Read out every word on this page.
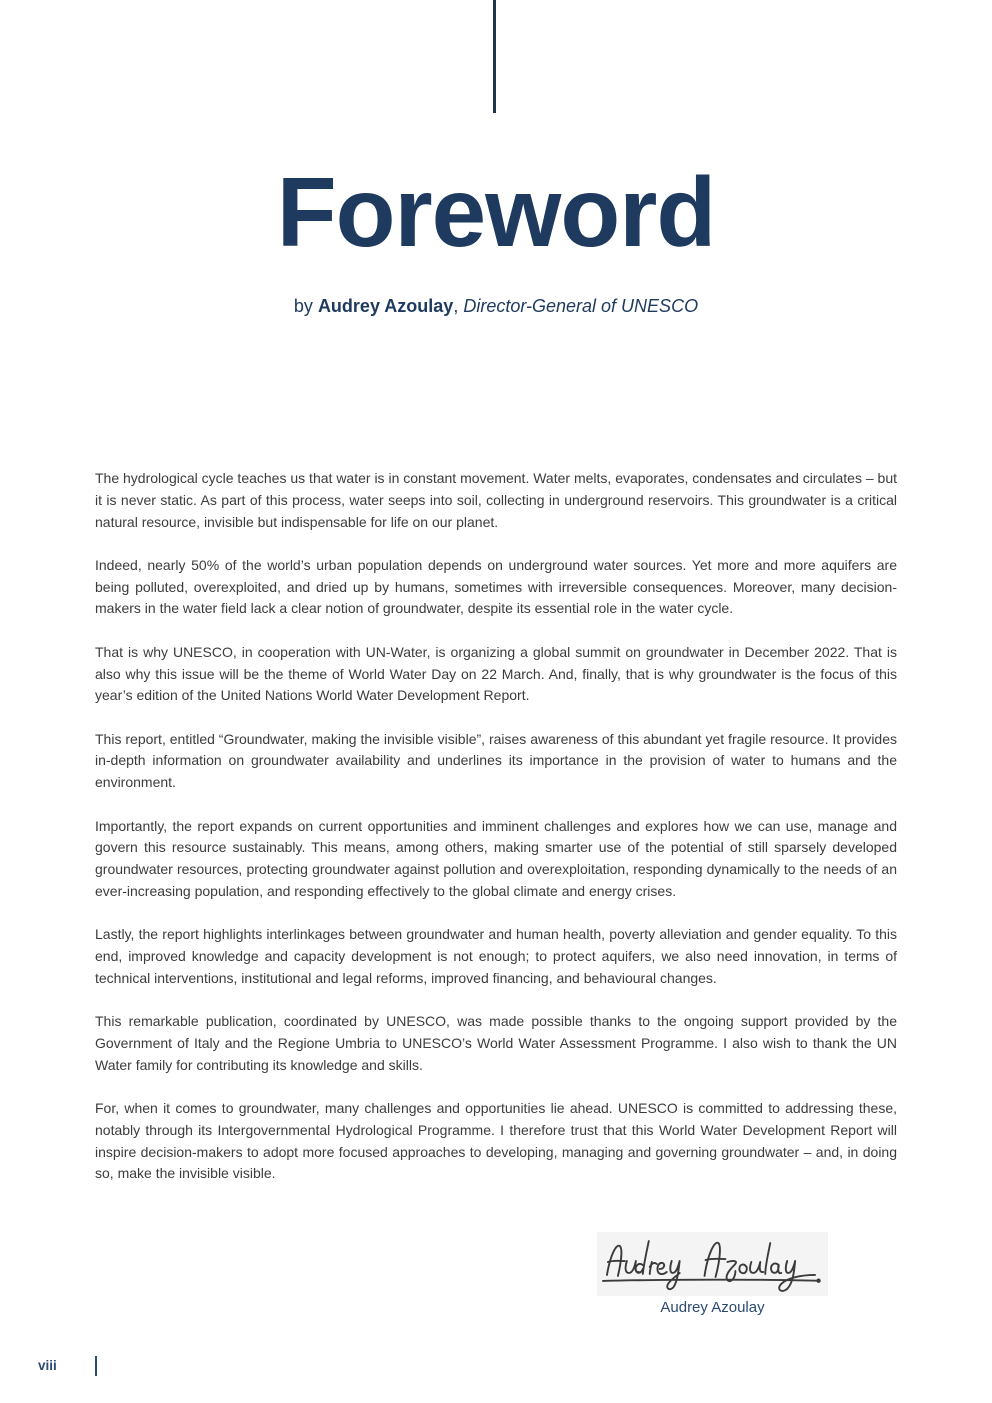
Foreword
by Audrey Azoulay, Director-General of UNESCO

The hydrological cycle teaches us that water is in constant movement. Water melts, evaporates, condensates and circulates – but it is never static. As part of this process, water seeps into soil, collecting in underground reservoirs. This groundwater is a critical natural resource, invisible but indispensable for life on our planet.

Indeed, nearly 50% of the world’s urban population depends on underground water sources. Yet more and more aquifers are being polluted, overexploited, and dried up by humans, sometimes with irreversible consequences. Moreover, many decision-makers in the water field lack a clear notion of groundwater, despite its essential role in the water cycle.

That is why UNESCO, in cooperation with UN-Water, is organizing a global summit on groundwater in December 2022. That is also why this issue will be the theme of World Water Day on 22 March. And, finally, that is why groundwater is the focus of this year’s edition of the United Nations World Water Development Report.

This report, entitled “Groundwater, making the invisible visible”, raises awareness of this abundant yet fragile resource. It provides in-depth information on groundwater availability and underlines its importance in the provision of water to humans and the environment.

Importantly, the report expands on current opportunities and imminent challenges and explores how we can use, manage and govern this resource sustainably. This means, among others, making smarter use of the potential of still sparsely developed groundwater resources, protecting groundwater against pollution and overexploitation, responding dynamically to the needs of an ever-increasing population, and responding effectively to the global climate and energy crises.

Lastly, the report highlights interlinkages between groundwater and human health, poverty alleviation and gender equality. To this end, improved knowledge and capacity development is not enough; to protect aquifers, we also need innovation, in terms of technical interventions, institutional and legal reforms, improved financing, and behavioural changes.

This remarkable publication, coordinated by UNESCO, was made possible thanks to the ongoing support provided by the Government of Italy and the Regione Umbria to UNESCO’s World Water Assessment Programme. I also wish to thank the UN Water family for contributing its knowledge and skills.

For, when it comes to groundwater, many challenges and opportunities lie ahead. UNESCO is committed to addressing these, notably through its Intergovernmental Hydrological Programme. I therefore trust that this World Water Development Report will inspire decision-makers to adopt more focused approaches to developing, managing and governing groundwater – and, in doing so, make the invisible visible.

Audrey Azoulay
viii
